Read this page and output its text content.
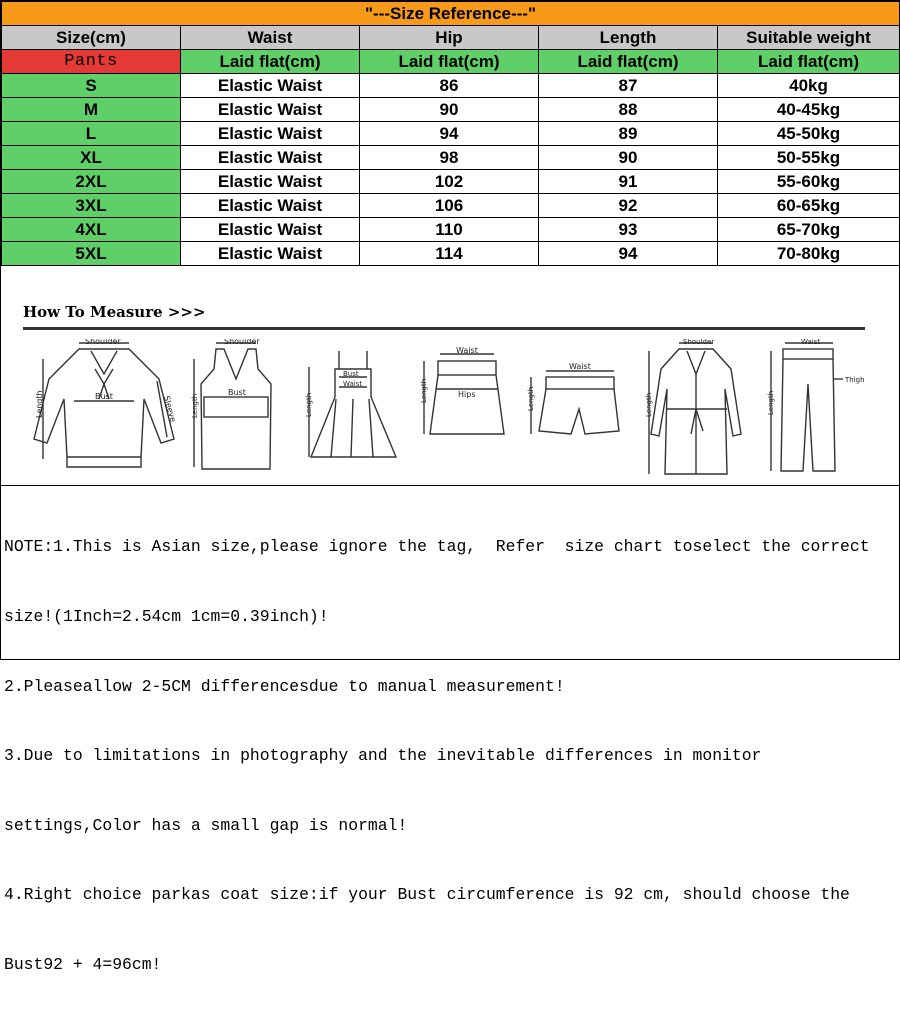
"---Size Reference---"				
Size(cm)	Waist	Hip	Length	Suitable weight
Pants	Laid flat(cm)	Laid flat(cm)	Laid flat(cm)	Laid flat(cm)
S	Elastic Waist	86	87	40kg
M	Elastic Waist	90	88	40-45kg
L	Elastic Waist	94	89	45-50kg
XL	Elastic Waist	98	90	50-55kg
2XL	Elastic Waist	102	91	55-60kg
3XL	Elastic Waist	106	92	60-65kg
4XL	Elastic Waist	110	93	65-70kg
5XL	Elastic Waist	114	94	70-80kg
How To Measure >>>
Shoulder
Bust
Length	Sleeve
Shoulder
Bust
Length
Bust
Waist
Length
Waist
Hips
Length
Waist
Length
Shoulder
Length
Waist
Thigh
Length

NOTE:1.This is Asian size,please ignore the tag,  Refer  size chart toselect the correct

size!(1Inch=2.54cm 1cm=0.39inch)!

2.Pleaseallow 2-5CM differencesdue to manual measurement!

3.Due to limitations in photography and the inevitable differences in monitor

settings,Color has a small gap is normal!

4.Right choice parkas coat size:if your Bust circumference is 92 cm, should choose the

Bust92 + 4=96cm!
